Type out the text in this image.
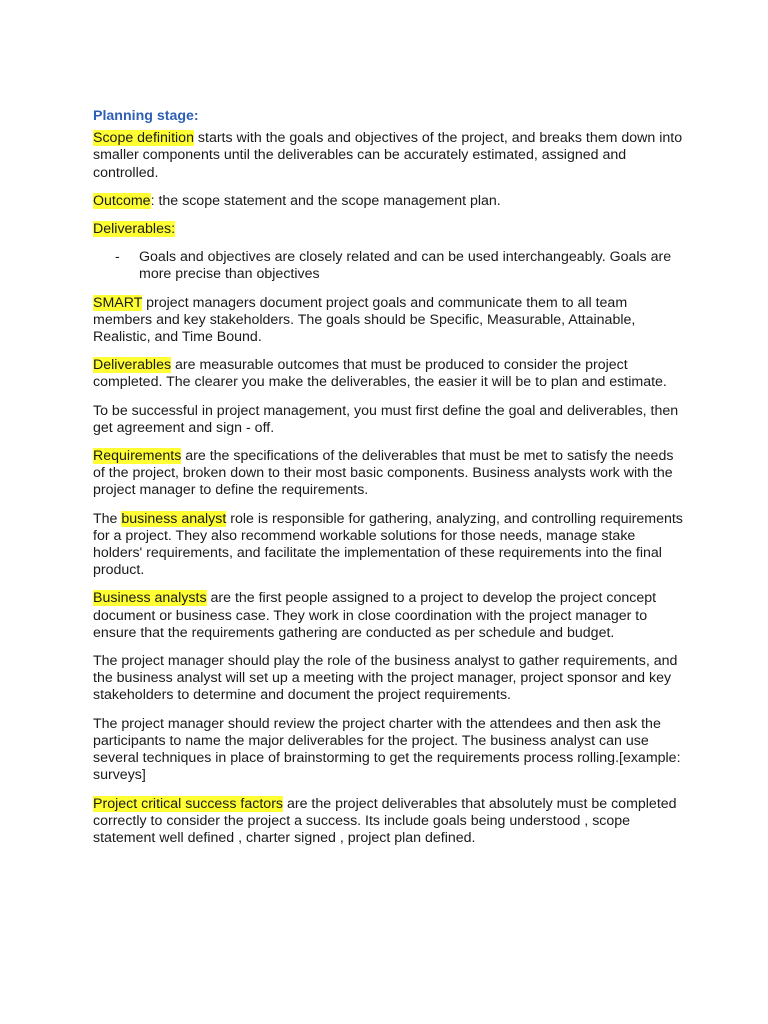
Planning stage:

Scope definition starts with the goals and objectives of the project, and breaks them down into smaller components until the deliverables can be accurately estimated, assigned and controlled.

Outcome: the scope statement and the scope management plan.

Deliverables:

- Goals and objectives are closely related and can be used interchangeably. Goals are more precise than objectives

SMART project managers document project goals and communicate them to all team members and key stakeholders. The goals should be Specific, Measurable, Attainable, Realistic, and Time Bound.

Deliverables are measurable outcomes that must be produced to consider the project completed. The clearer you make the deliverables, the easier it will be to plan and estimate.

To be successful in project management, you must first define the goal and deliverables, then get agreement and sign - off.

Requirements are the specifications of the deliverables that must be met to satisfy the needs of the project, broken down to their most basic components. Business analysts work with the project manager to define the requirements.

The business analyst role is responsible for gathering, analyzing, and controlling requirements for a project. They also recommend workable solutions for those needs, manage stake holders' requirements, and facilitate the implementation of these requirements into the final product.

Business analysts are the first people assigned to a project to develop the project concept document or business case. They work in close coordination with the project manager to ensure that the requirements gathering are conducted as per schedule and budget.

The project manager should play the role of the business analyst to gather requirements, and the business analyst will set up a meeting with the project manager, project sponsor and key stakeholders to determine and document the project requirements.

The project manager should review the project charter with the attendees and then ask the participants to name the major deliverables for the project. The business analyst can use several techniques in place of brainstorming to get the requirements process rolling.[example: surveys]

Project critical success factors are the project deliverables that absolutely must be completed correctly to consider the project a success. Its include goals being understood , scope statement well defined , charter signed , project plan defined.
